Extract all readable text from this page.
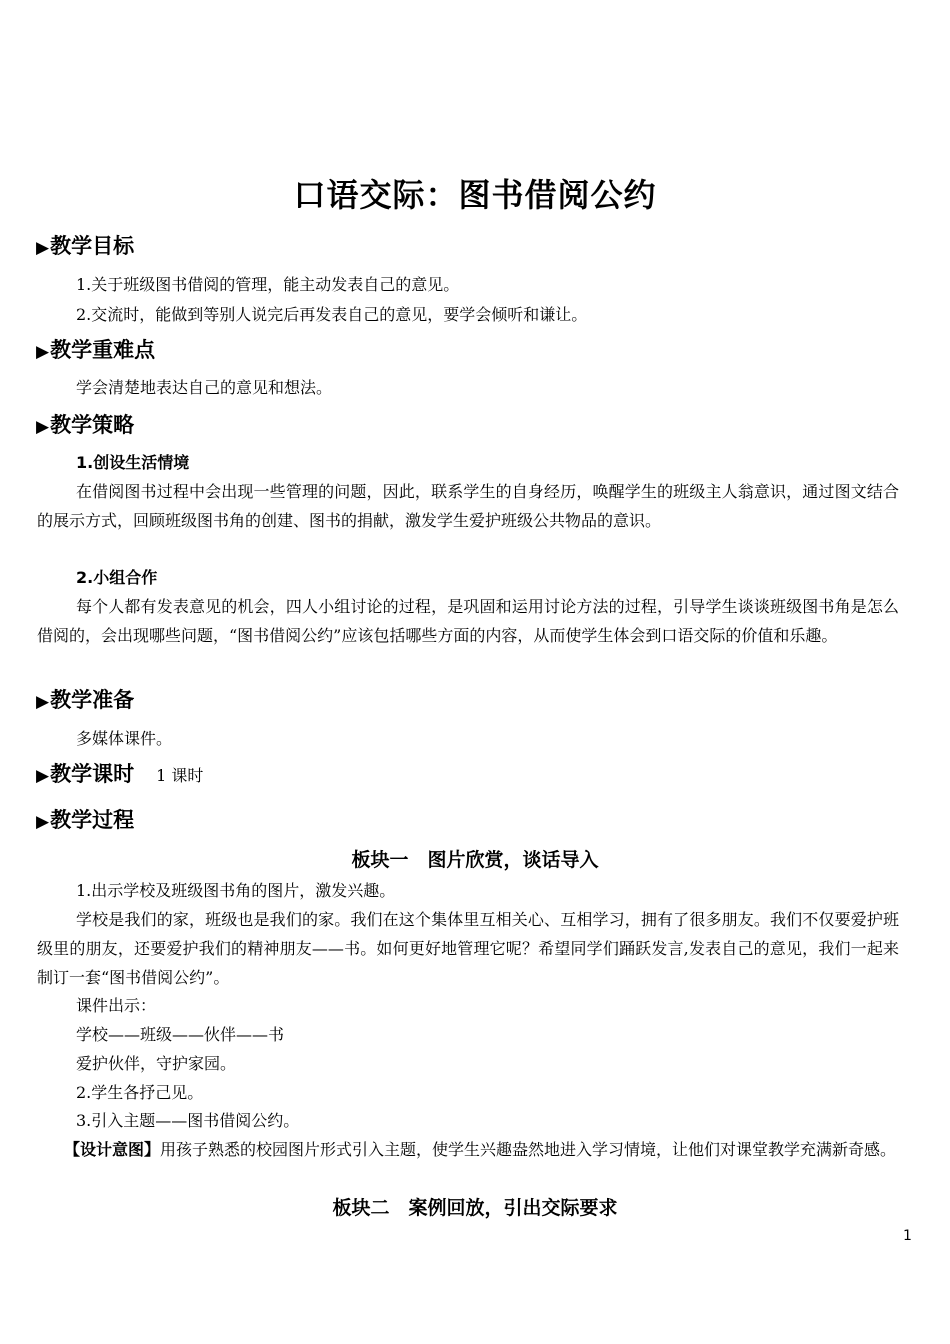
口语交际：图书借阅公约
▶教学目标
1.关于班级图书借阅的管理，能主动发表自己的意见。
2.交流时，能做到等别人说完后再发表自己的意见，要学会倾听和谦让。
▶教学重难点
学会清楚地表达自己的意见和想法。
▶教学策略
1.创设生活情境
在借阅图书过程中会出现一些管理的问题，因此，联系学生的自身经历，唤醒学生的班级主人翁意识，通过图文结合的展示方式，回顾班级图书角的创建、图书的捐献，激发学生爱护班级公共物品的意识。
2.小组合作
每个人都有发表意见的机会，四人小组讨论的过程，是巩固和运用讨论方法的过程，引导学生谈谈班级图书角是怎么借阅的，会出现哪些问题，“图书借阅公约”应该包括哪些方面的内容，从而使学生体会到口语交际的价值和乐趣。
▶教学准备
多媒体课件。
▶教学课时 1 课时
▶教学过程
板块一　图片欣赏，谈话导入
1.出示学校及班级图书角的图片，激发兴趣。
学校是我们的家，班级也是我们的家。我们在这个集体里互相关心、互相学习，拥有了很多朋友。我们不仅要爱护班级里的朋友，还要爱护我们的精神朋友——书。如何更好地管理它呢？希望同学们踊跃发言,发表自己的意见，我们一起来制订一套“图书借阅公约”。
课件出示：
学校——班级——伙伴——书
爱护伙伴，守护家园。
2.学生各抒己见。
3.引入主题——图书借阅公约。
【设计意图】用孩子熟悉的校园图片形式引入主题，使学生兴趣盎然地进入学习情境，让他们对课堂教学充满新奇感。
板块二　案例回放，引出交际要求
1
